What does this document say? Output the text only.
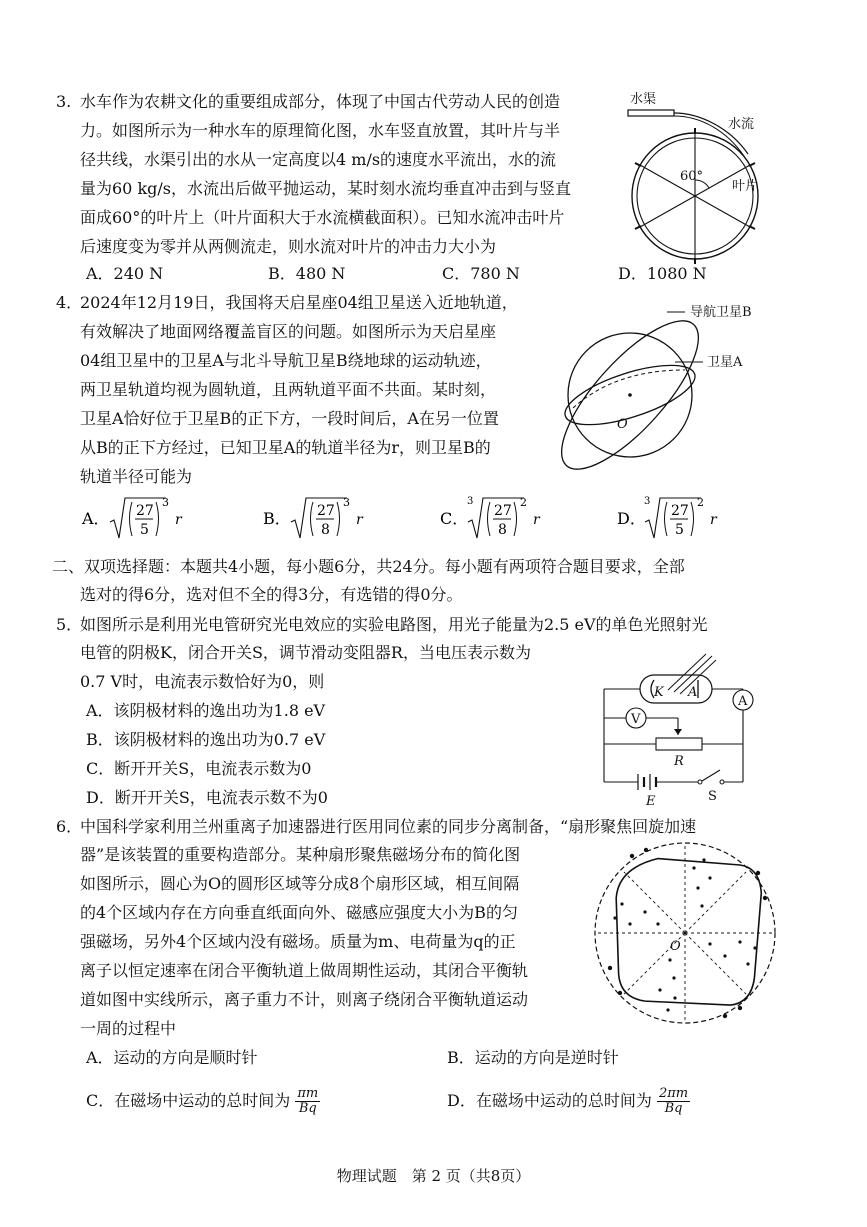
3. 水车作为农耕文化的重要组成部分，体现了中国古代劳动人民的创造
力。如图所示为一种水车的原理简化图，水车竖直放置，其叶片与半
径共线，水渠引出的水从一定高度以4 m/s的速度水平流出，水的流
量为60 kg/s，水流出后做平抛运动，某时刻水流均垂直冲击到与竖直
面成60°的叶片上（叶片面积大于水流横截面积）。已知水流冲击叶片
后速度变为零并从两侧流走，则水流对叶片的冲击力大小为
A．240 N	B．480 N	C．780 N	D．1080 N
60°
水渠
水流
叶片
4．
2024年12月19日，我国将天启星座04组卫星送入近地轨道，
有效解决了地面网络覆盖盲区的问题。如图所示为天启星座
04组卫星中的卫星A与北斗导航卫星B绕地球的运动轨迹，
两卫星轨道均视为圆轨道，且两轨道平面不共面。某时刻，
卫星A恰好位于卫星B的正下方，一段时间后，A在另一位置
从B的正下方经过，已知卫星A的轨道半径为r，则卫星B的
轨道半径可能为
O
导航卫星B
卫星A
A． 27
5
3
r	B． 27
8
3
r	C．
3
27
8
2
r	D．
3
27
5
2
r
二、双项选择题：本题共4小题，每小题6分，共24分。每小题有两项符合题目要求，全部
选对的得6分，选对但不全的得3分，有选错的得0分。
5．
如图所示是利用光电管研究光电效应的实验电路图，用光子能量为2.5 eV的单色光照射光
电管的阴极K，闭合开关S，调节滑动变阻器R，当电压表示数为
0.7 V时，电流表示数恰好为0，则
A．该阴极材料的逸出功为1.8 eV
B．该阴极材料的逸出功为0.7 eV
C．断开开关S，电流表示数为0
D．断开开关S，电流表示数不为0
K A
A
V
R
E	S
6．
中国科学家利用兰州重离子加速器进行医用同位素的同步分离制备，“扇形聚焦回旋加速
器”是该装置的重要构造部分。某种扇形聚焦磁场分布的简化图
如图所示，圆心为O的圆形区域等分成8个扇形区域，相互间隔
的4个区域内存在方向垂直纸面向外、磁感应强度大小为B的匀
强磁场，另外4个区域内没有磁场。质量为m、电荷量为q的正
离子以恒定速率在闭合平衡轨道上做周期性运动，其闭合平衡轨
道如图中实线所示，离子重力不计，则离子绕闭合平衡轨道运动
一周的过程中
A．运动的方向是顺时针	B．运动的方向是逆时针
C．在磁场中运动的总时间为 $\frac{\pi m}{Bq}$	D．在磁场中运动的总时间为 $\frac{2\pi m}{Bq}$
O
物理试题　第 2 页（共8页）
